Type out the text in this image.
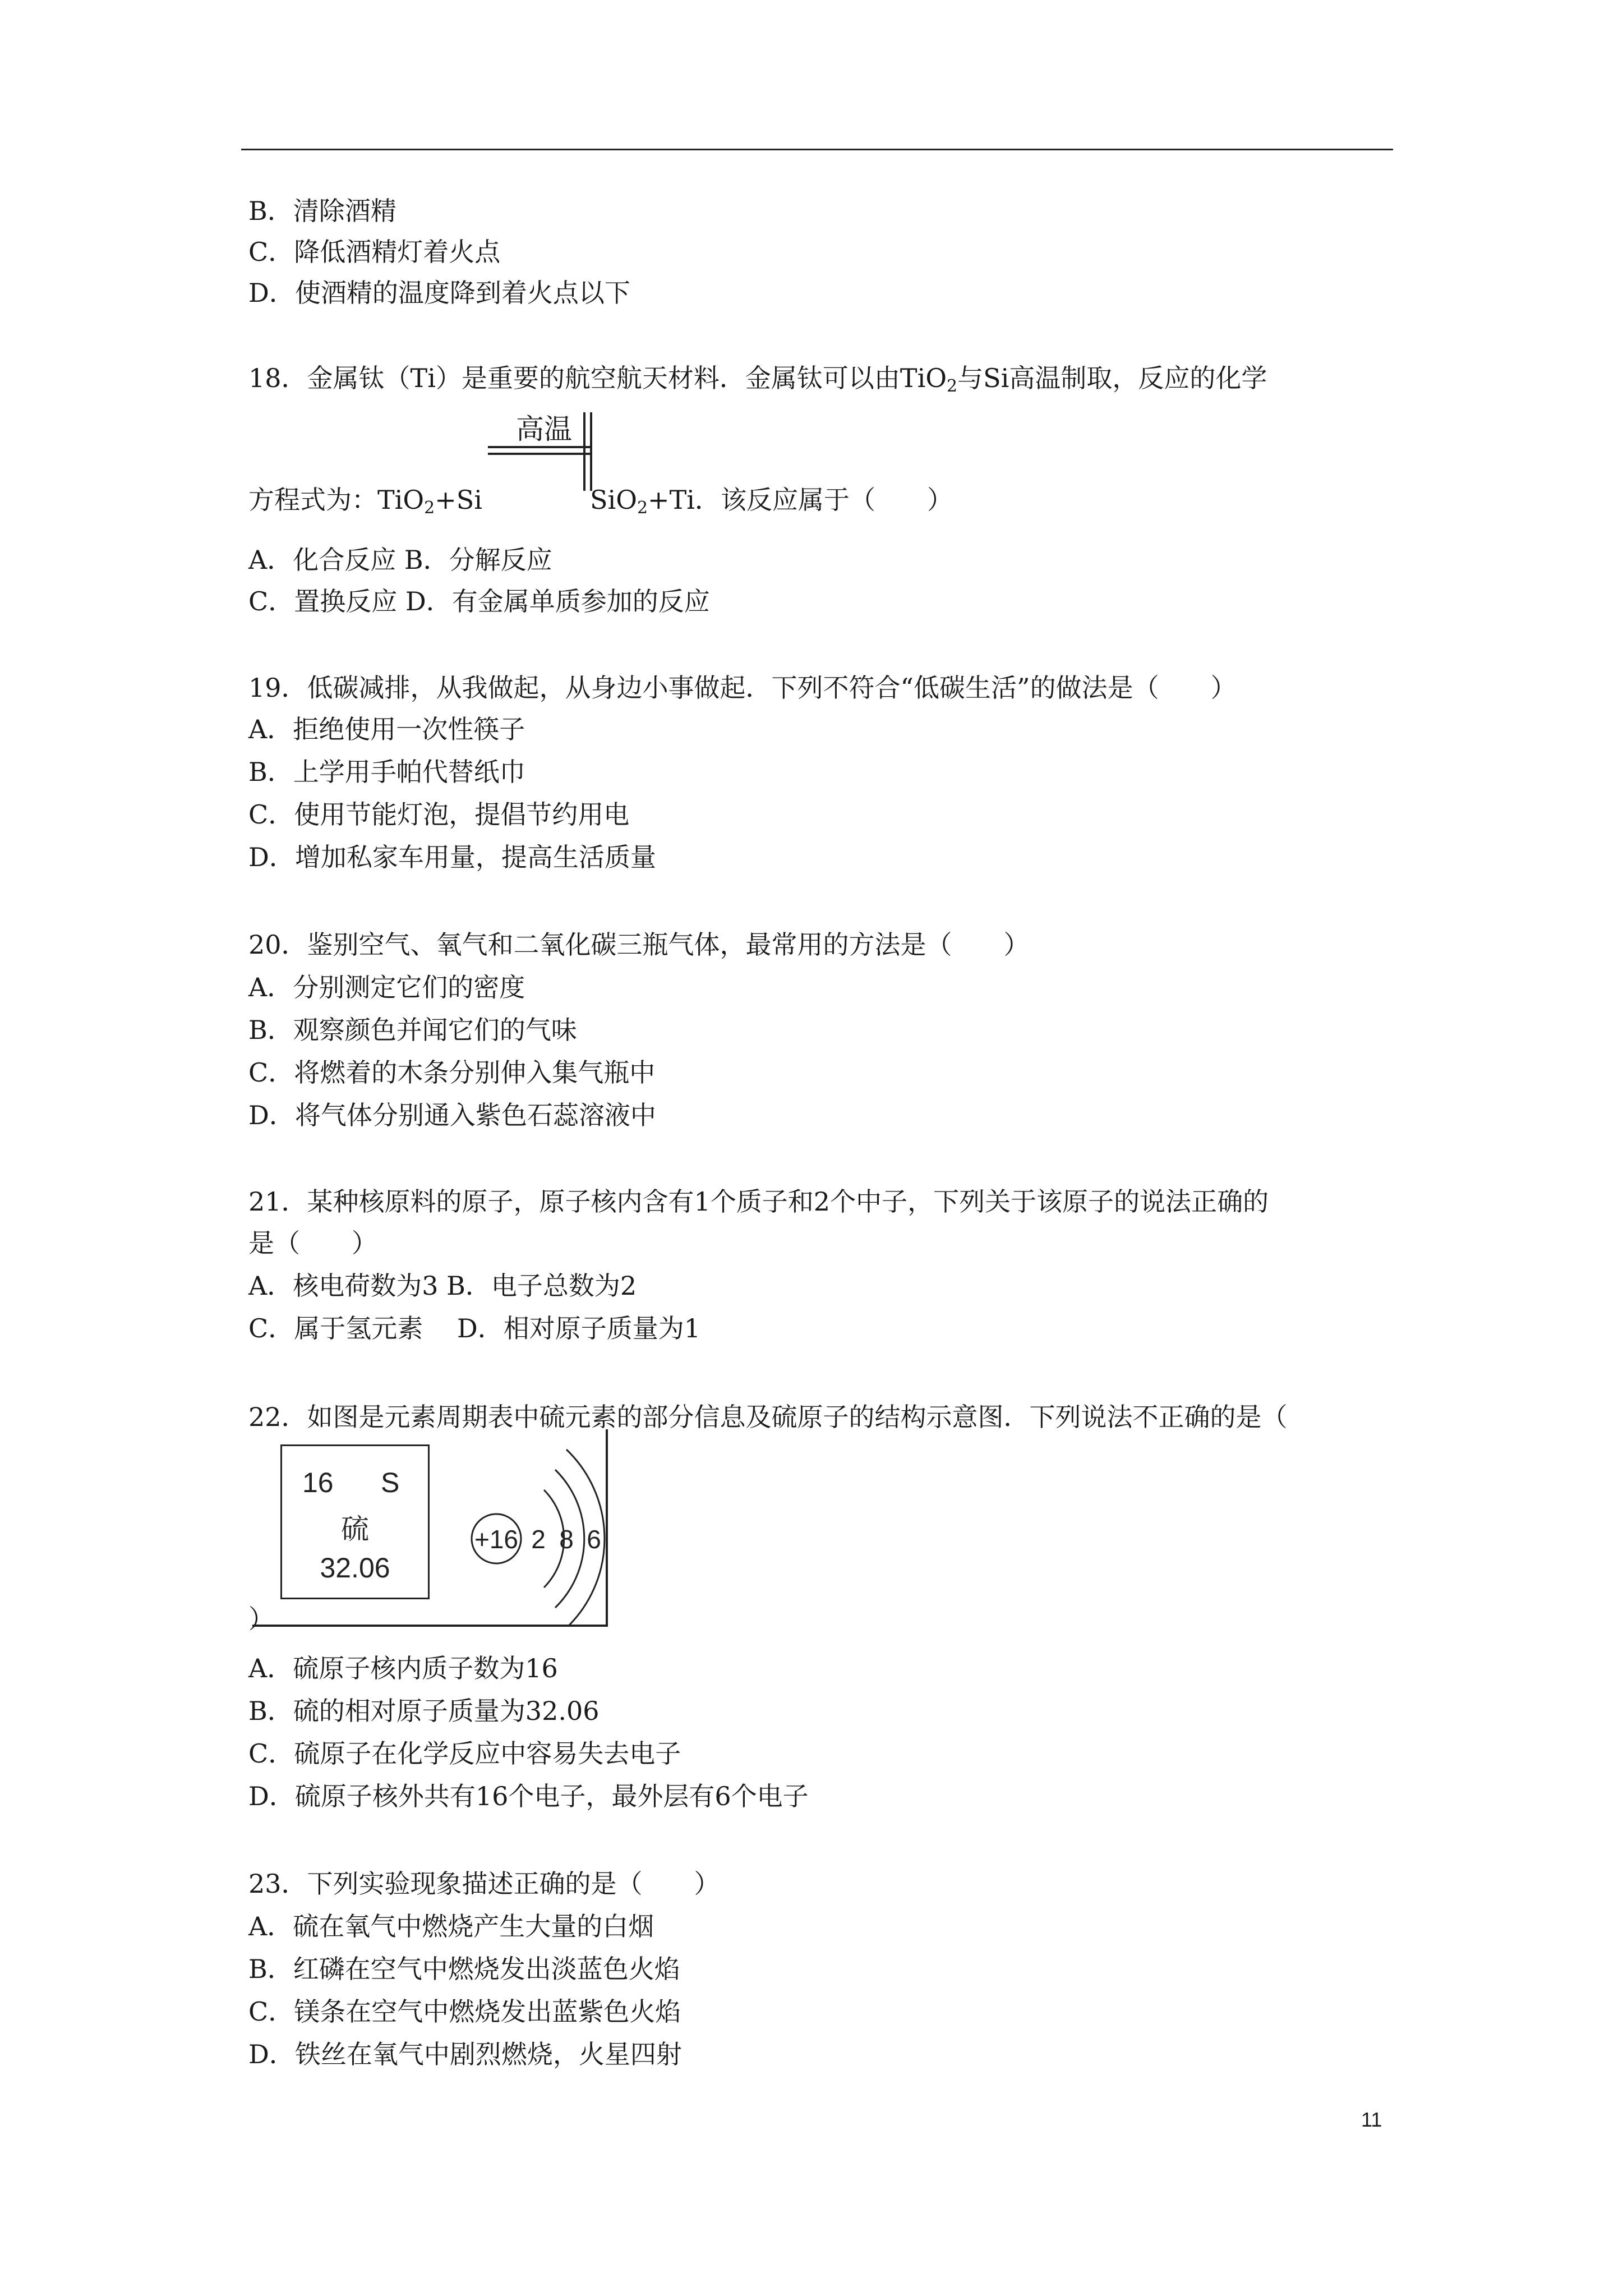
B．清除酒精
C．降低酒精灯着火点
D．使酒精的温度降到着火点以下
18．金属钛（Ti）是重要的航空航天材料．金属钛可以由TiO$_2$与Si高温制取，反应的化学
高温
方程式为：TiO$_2$+Si	SiO$_2$+Ti．该反应属于（　　）
A．化合反应 B．分解反应
C．置换反应 D．有金属单质参加的反应
19．低碳减排，从我做起，从身边小事做起．下列不符合“低碳生活”的做法是（　　）
A．拒绝使用一次性筷子
B．上学用手帕代替纸巾
C．使用节能灯泡，提倡节约用电
D．增加私家车用量，提高生活质量
20．鉴别空气、氧气和二氧化碳三瓶气体，最常用的方法是（　　）
A．分别测定它们的密度
B．观察颜色并闻它们的气味
C．将燃着的木条分别伸入集气瓶中
D．将气体分别通入紫色石蕊溶液中
21．某种核原料的原子，原子核内含有1个质子和2个中子，下列关于该原子的说法正确的
是（　　）
A．核电荷数为3 B．电子总数为2
C．属于氢元素　 D．相对原子质量为1
22．如图是元素周期表中硫元素的部分信息及硫原子的结构示意图．下列说法不正确的是（
+16 2 8 6
16 S
硫
32.06
）
A．硫原子核内质子数为16
B．硫的相对原子质量为32.06
C．硫原子在化学反应中容易失去电子
D．硫原子核外共有16个电子，最外层有6个电子
23．下列实验现象描述正确的是（　　）
A．硫在氧气中燃烧产生大量的白烟
B．红磷在空气中燃烧发出淡蓝色火焰
C．镁条在空气中燃烧发出蓝紫色火焰
D．铁丝在氧气中剧烈燃烧，火星四射
11
